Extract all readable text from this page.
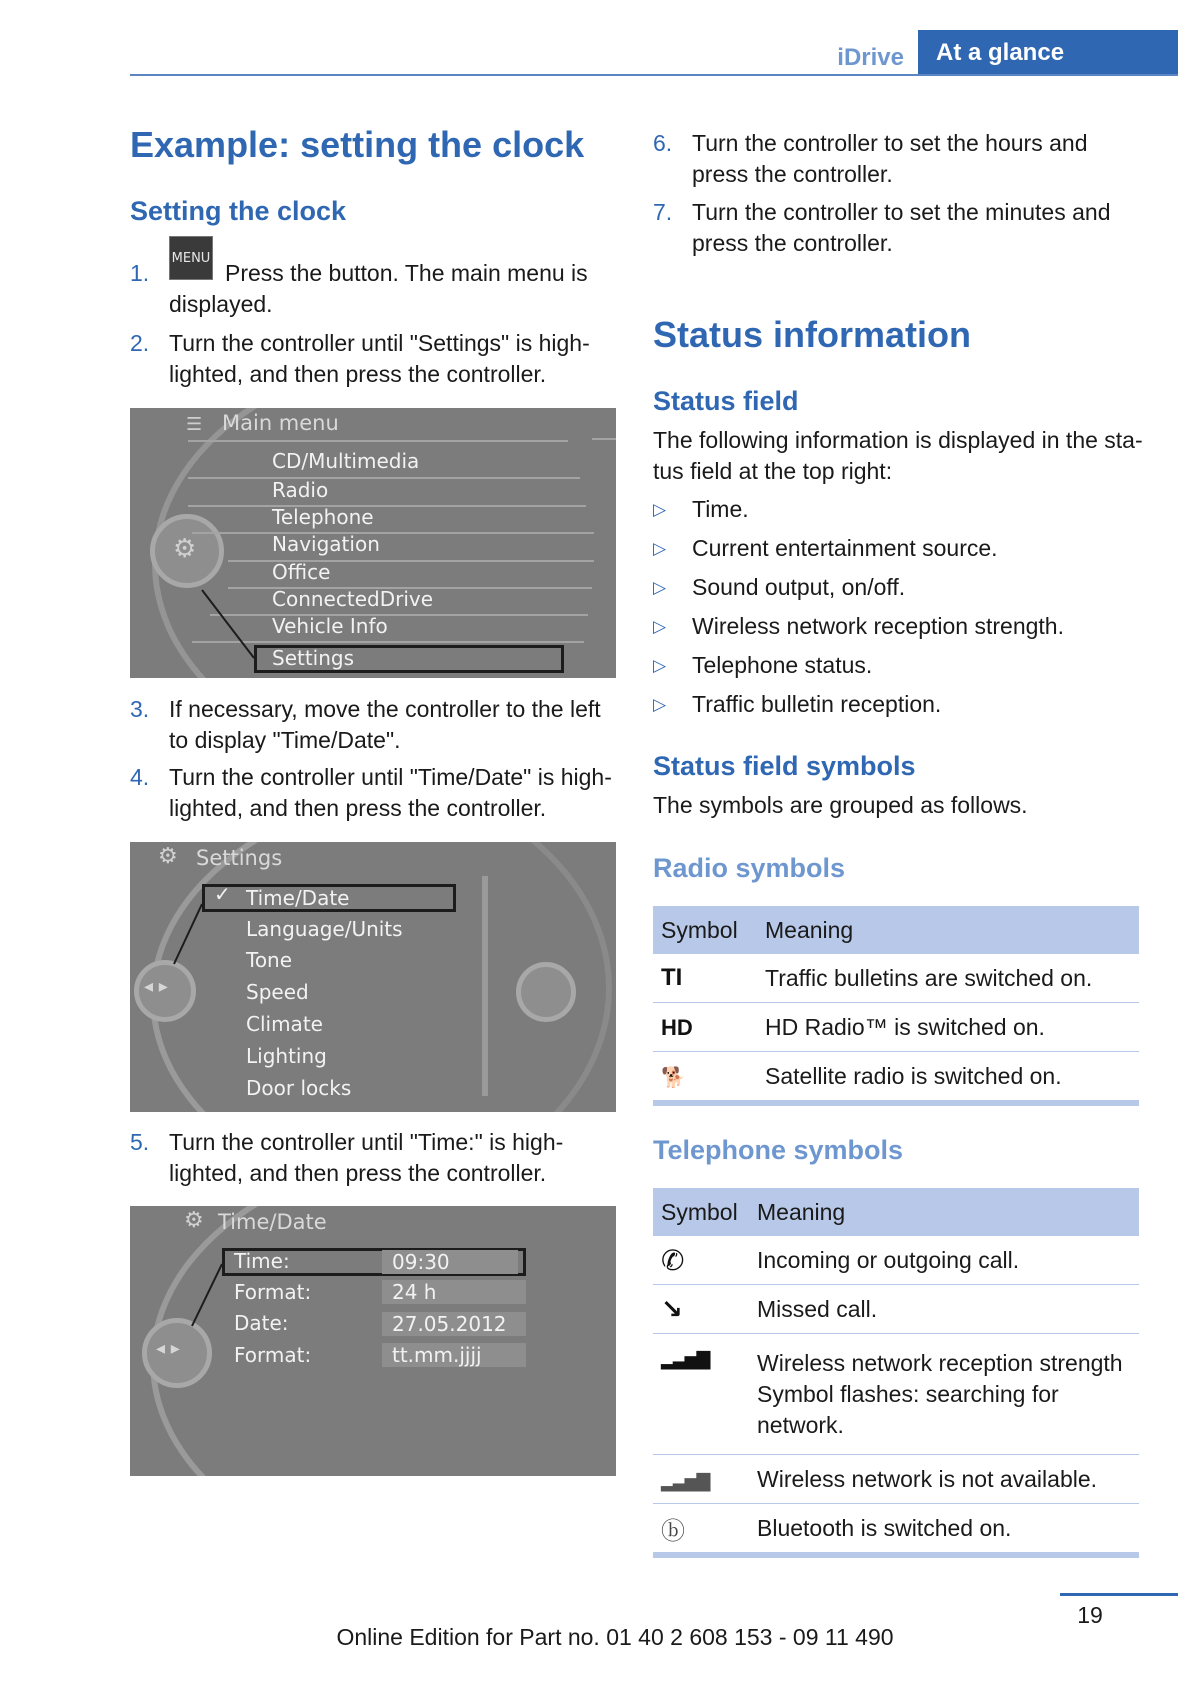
iDrive	At a glance
Example: setting the clock
Setting the clock
1.
MENU
Press the button. The main menu is
displayed.
2. Turn the controller until "Settings" is high-
lighted, and then press the controller.
⚙
☰ Main menu
CD/Multimedia
Radio
Telephone
Navigation
Office
ConnectedDrive
Vehicle Info
Settings
3. If necessary, move the controller to the left
to display "Time/Date".
4. Turn the controller until "Time/Date" is high-
lighted, and then press the controller.
◂ ▸
⚙ Settings
✓ Time/Date
Language/Units
Tone
Speed
Climate
Lighting
Door locks
5. Turn the controller until "Time:" is high-
lighted, and then press the controller.
◂ ▸
⚙ Time/Date
Time:	09:30
Format:	24 h
Date:	27.05.2012
Format:	tt.mm.jjjj
6. Turn the controller to set the hours and
press the controller.
7. Turn the controller to set the minutes and
press the controller.
Status information
Status field

The following information is displayed in the sta-

tus field at the top right:

▷ Time.
▷ Current entertainment source.
▷ Sound output, on/off.
▷ Wireless network reception strength.
▷ Telephone status.
▷ Traffic bulletin reception.
Status field symbols

The symbols are grouped as follows.

Radio symbols
Symbol	Meaning
TI	Traffic bulletins are switched on.
HD	HD Radio™ is switched on.
🐕	Satellite radio is switched on.
Telephone symbols
Symbol	Meaning
✆	Incoming or outgoing call.
↘	Missed call.
▂▃▅▇	Wireless network reception strength Symbol flashes: searching for network.
▂▃▅▇	Wireless network is not available.
ⓑ	Bluetooth is switched on.
19
Online Edition for Part no. 01 40 2 608 153 - 09 11 490
